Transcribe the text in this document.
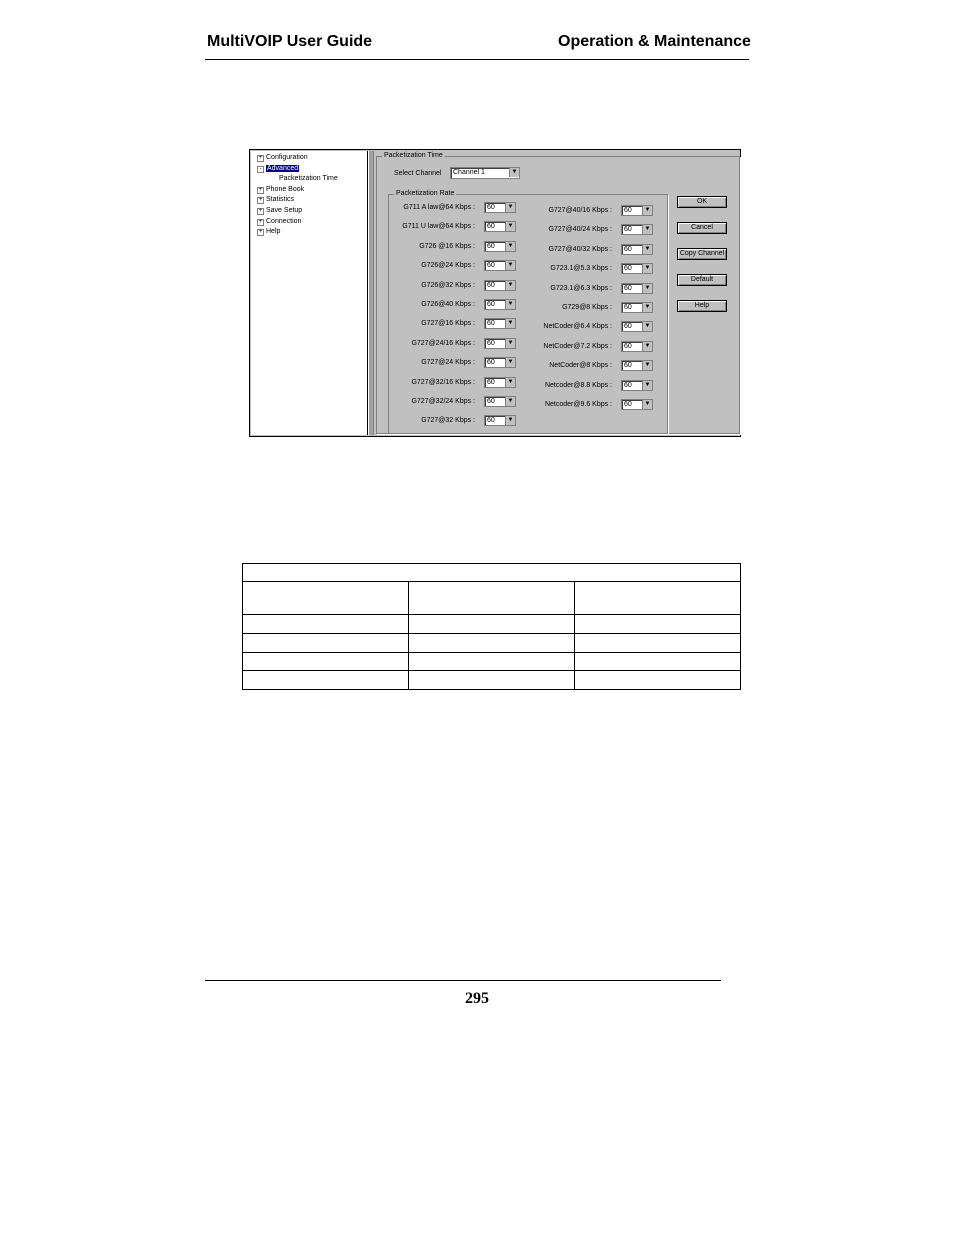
MultiVOIP User Guide	Operation & Maintenance
+ Configuration
- Advanced
Packetization Time
+ Phone Book
+ Statistics
+ Save Setup
+ Connection
+ Help
Packetization Time
Select Channel Channel 1	▼
Packetization Rate
G711 A law@64 Kbps : 60	▼
G711 U law@64 Kbps : 60	▼
G726 @16 Kbps : 60	▼
G726@24 Kbps : 60	▼
G726@32 Kbps : 60	▼
G726@40 Kbps : 60	▼
G727@16 Kbps : 60	▼
G727@24/16 Kbps : 60	▼
G727@24 Kbps : 60	▼
G727@32/16 Kbps : 60	▼
G727@32/24 Kbps : 60	▼
G727@32 Kbps : 60	▼
G727@40/16 Kbps : 60	▼
G727@40/24 Kbps : 60	▼
G727@40/32 Kbps : 60	▼
G723.1@5.3 Kbps : 60	▼
G723.1@6.3 Kbps : 60	▼
G729@8 Kbps : 60	▼
NetCoder@6.4 Kbps : 60	▼
NetCoder@7.2 Kbps : 60	▼
NetCoder@8 Kbps : 60	▼
Netcoder@8.8 Kbps : 60	▼
Netcoder@9.6 Kbps : 60	▼
OK
Cancel
Copy Channel
Default
Help
295
